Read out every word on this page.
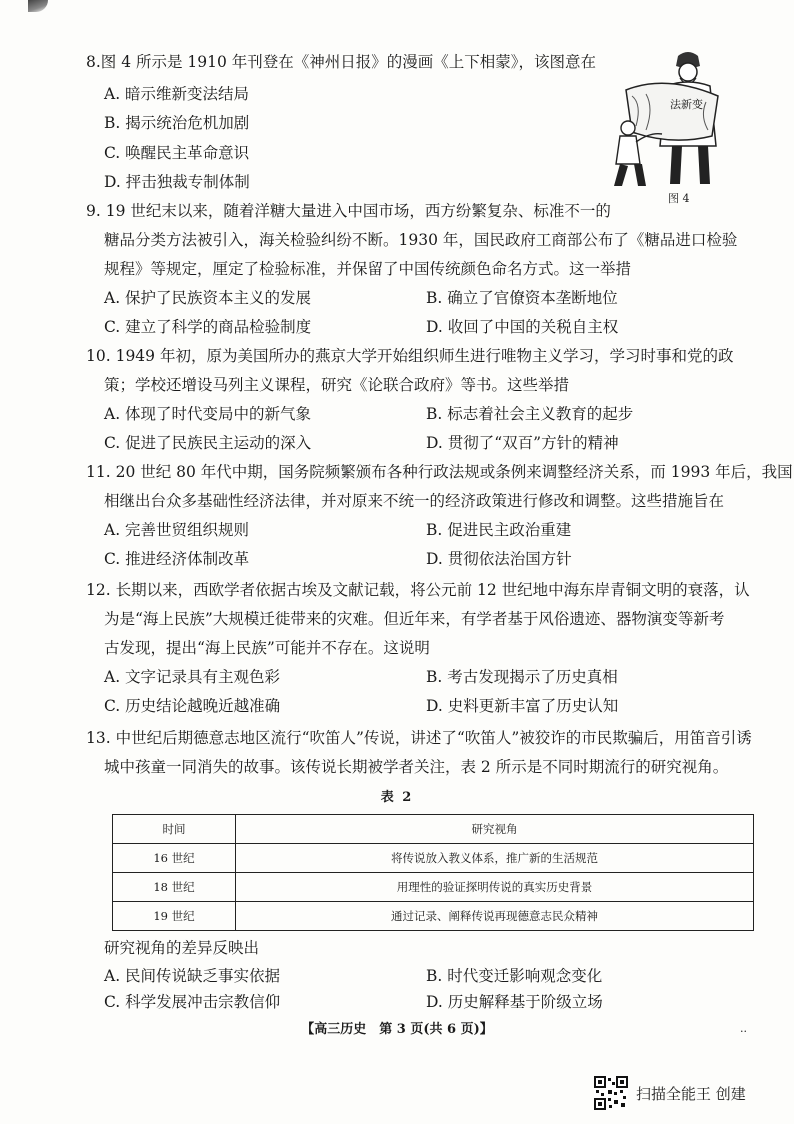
8.图 4 所示是 1910 年刊登在《神州日报》的漫画《上下相蒙》，该图意在
A. 暗示维新变法结局
B. 揭示统治危机加剧
C. 唤醒民主革命意识
D. 抨击独裁专制体制
法新变
图 4
9. 19 世纪末以来，随着洋糖大量进入中国市场，西方纷繁复杂、标准不一的
糖品分类方法被引入，海关检验纠纷不断。1930 年，国民政府工商部公布了《糖品进口检验
规程》等规定，厘定了检验标准，并保留了中国传统颜色命名方式。这一举措
A. 保护了民族资本主义的发展	B. 确立了官僚资本垄断地位
C. 建立了科学的商品检验制度	D. 收回了中国的关税自主权
10. 1949 年初，原为美国所办的燕京大学开始组织师生进行唯物主义学习，学习时事和党的政
策；学校还增设马列主义课程，研究《论联合政府》等书。这些举措
A. 体现了时代变局中的新气象	B. 标志着社会主义教育的起步
C. 促进了民族民主运动的深入	D. 贯彻了“双百”方针的精神
11. 20 世纪 80 年代中期，国务院频繁颁布各种行政法规或条例来调整经济关系，而 1993 年后，我国
相继出台众多基础性经济法律，并对原来不统一的经济政策进行修改和调整。这些措施旨在
A. 完善世贸组织规则	B. 促进民主政治重建
C. 推进经济体制改革	D. 贯彻依法治国方针
12. 长期以来，西欧学者依据古埃及文献记载，将公元前 12 世纪地中海东岸青铜文明的衰落，认
为是“海上民族”大规模迁徙带来的灾难。但近年来，有学者基于风俗遗迹、器物演变等新考
古发现，提出“海上民族”可能并不存在。这说明
A. 文字记录具有主观色彩	B. 考古发现揭示了历史真相
C. 历史结论越晚近越准确	D. 史料更新丰富了历史认知
13. 中世纪后期德意志地区流行“吹笛人”传说，讲述了“吹笛人”被狡诈的市民欺骗后，用笛音引诱
城中孩童一同消失的故事。该传说长期被学者关注，表 2 所示是不同时期流行的研究视角。
表 2
时间	研究视角
16 世纪	将传说放入教义体系，推广新的生活规范
18 世纪	用理性的验证探明传说的真实历史背景
19 世纪	通过记录、阐释传说再现德意志民众精神
研究视角的差异反映出
A. 民间传说缺乏事实依据	B. 时代变迁影响观念变化
C. 科学发展冲击宗教信仰	D. 历史解释基于阶级立场
【高三历史　第 3 页(共 6 页)】	..
扫描全能王 创建
